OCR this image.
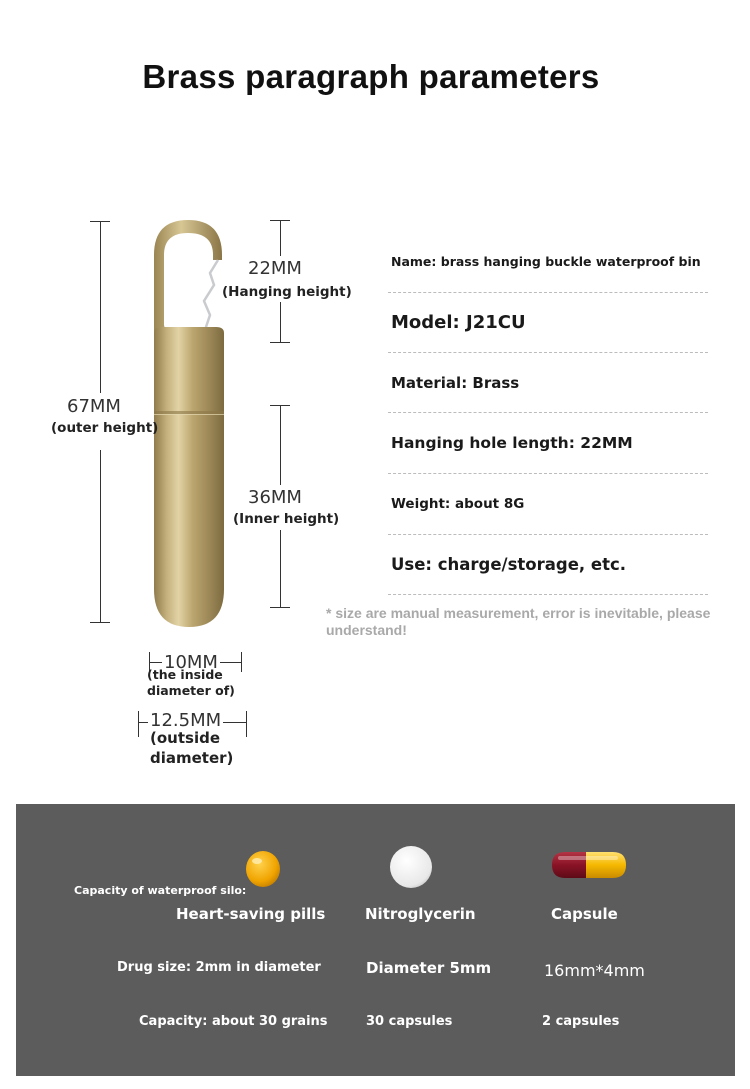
Brass paragraph parameters
67MM
(outer height)
22MM
(Hanging height)
36MM
(Inner height)
10MM
(the inside
diameter of)
12.5MM
(outside
diameter)
Name: brass hanging buckle waterproof bin
Model: J21CU
Material: Brass
Hanging hole length: 22MM
Weight: about 8G
Use: charge/storage, etc.
* size are manual measurement, error is inevitable, please understand!
Capacity of waterproof silo:
Heart-saving pills	Nitroglycerin	Capsule
Drug size: 2mm in diameter	Diameter 5mm	16mm*4mm
Capacity: about 30 grains	30 capsules	2 capsules
